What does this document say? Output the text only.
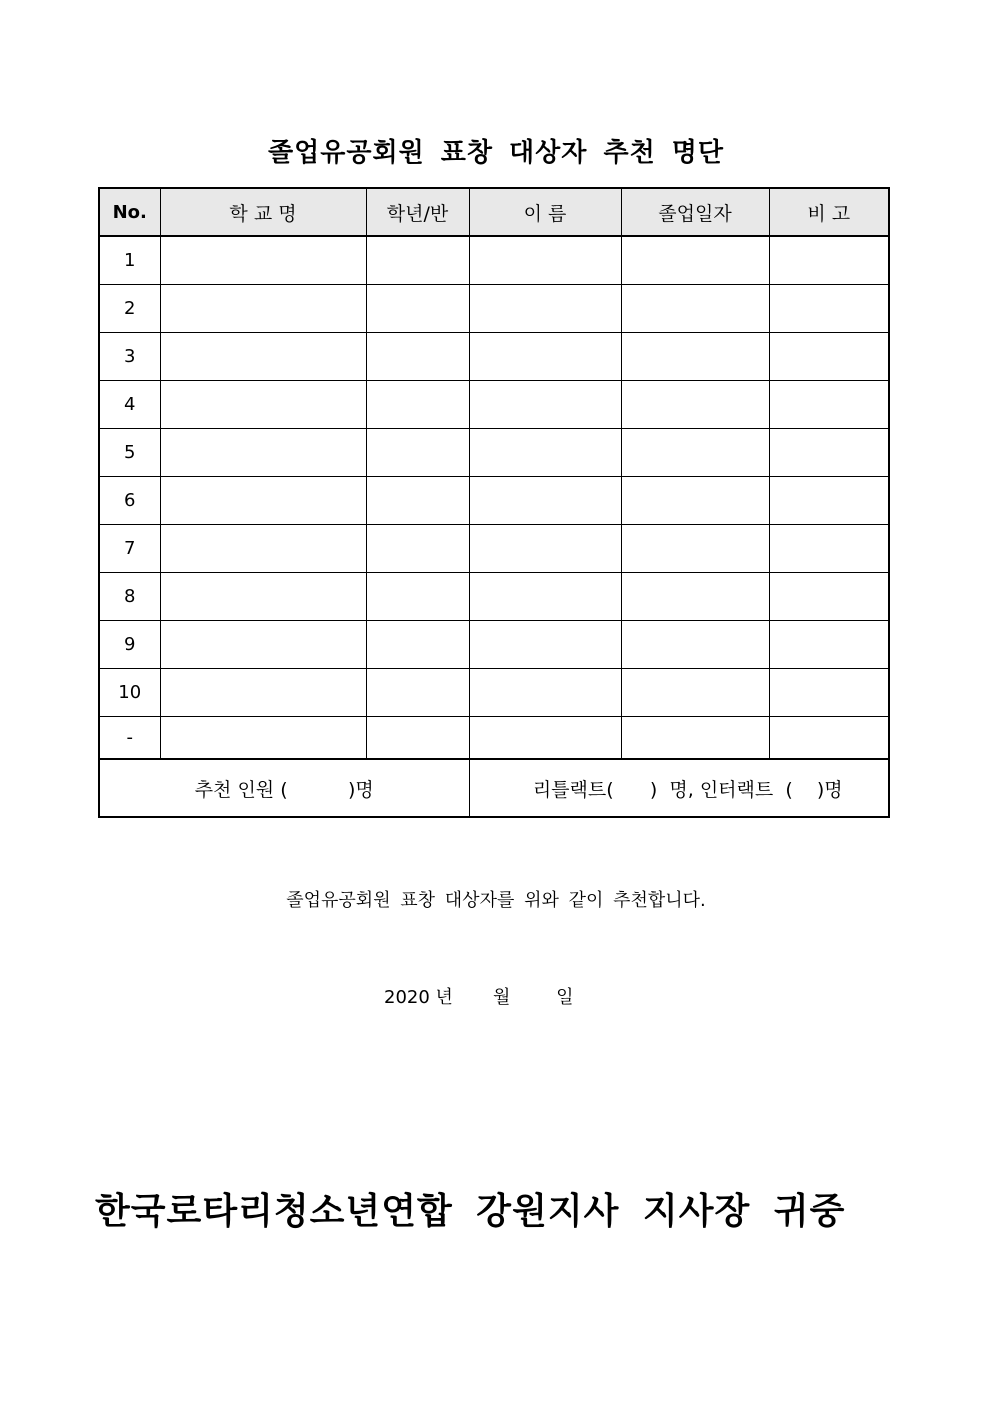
졸업유공회원 표창 대상자 추천 명단
No.	학 교 명	학년/반	이 름	졸업일자	비 고
1					
2					
3					
4					
5					
6					
7					
8					
9					
10					
-					
추천 인원 (          )명			리틀랙트(      )  명, 인터랙트  (    )명		
졸업유공회원 표창 대상자를 위와 같이 추천합니다.
2020 년       월        일
한국로타리청소년연합 강원지사 지사장 귀중
